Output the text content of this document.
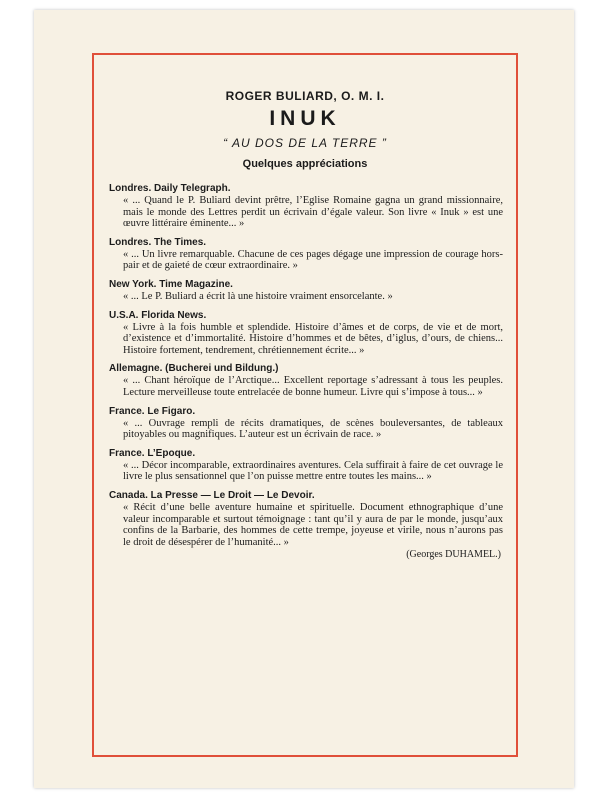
ROGER BULIARD, O. M. I.
INUK
“ AU DOS DE LA TERRE ”
Quelques appréciations
Londres. Daily Telegraph.
« ... Quand le P. Buliard devint prêtre, l’Eglise Romaine gagna un grand missionnaire, mais le monde des Lettres perdit un écrivain d’égale valeur. Son livre « Inuk » est une œuvre littéraire éminente... »
Londres. The Times.
« ... Un livre remarquable. Chacune de ces pages dégage une impression de courage hors-pair et de gaieté de cœur extraordinaire. »
New York. Time Magazine.
« ... Le P. Buliard a écrit là une histoire vraiment ensorcelante. »
U.S.A. Florida News.
« Livre à la fois humble et splendide. Histoire d’âmes et de corps, de vie et de mort, d’existence et d’immortalité. Histoire d’hommes et de bêtes, d’iglus, d’ours, de chiens... Histoire fortement, tendrement, chrétiennement écrite... »
Allemagne. (Bucherei und Bildung.)
« ... Chant héroïque de l’Arctique... Excellent reportage s’adressant à tous les peuples. Lecture merveilleuse toute entrelacée de bonne humeur. Livre qui s’impose à tous... »
France. Le Figaro.
« ... Ouvrage rempli de récits dramatiques, de scènes bouleversantes, de tableaux pitoyables ou magnifiques. L’auteur est un écrivain de race. »
France. L’Epoque.
« ... Décor incomparable, extraordinaires aventures. Cela suffirait à faire de cet ouvrage le livre le plus sensationnel que l’on puisse mettre entre toutes les mains... »
Canada. La Presse — Le Droit — Le Devoir.
« Récit d’une belle aventure humaine et spirituelle. Document ethnographique d’une valeur incomparable et surtout témoignage : tant qu’il y aura de par le monde, jusqu’aux confins de la Barbarie, des hommes de cette trempe, joyeuse et virile, nous n’aurons pas le droit de désespérer de l’humanité... »
(Georges DUHAMEL.)
